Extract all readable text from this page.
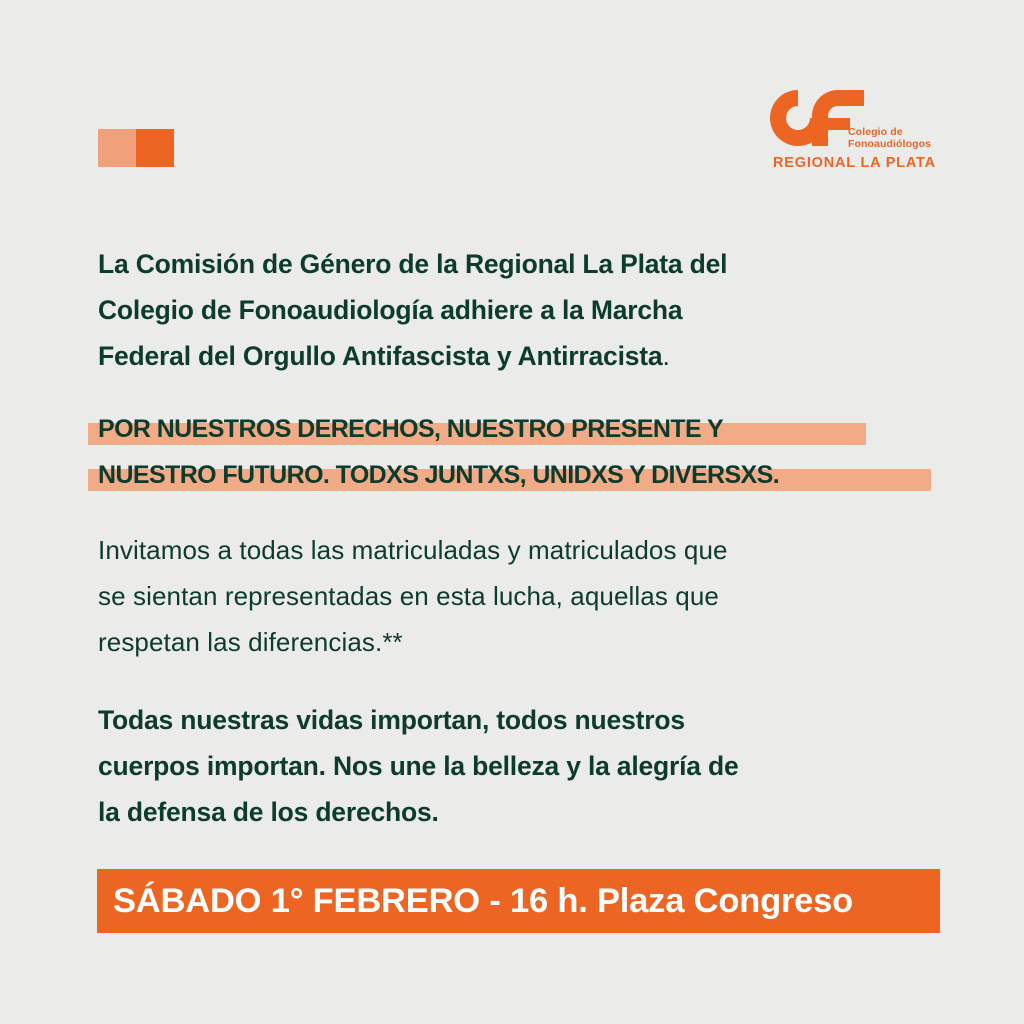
Colegio de
Fonoaudiólogos
REGIONAL LA PLATA

La Comisión de Género de la Regional La Plata del
Colegio de Fonoaudiología adhiere a la Marcha
Federal del Orgullo Antifascista y Antirracista.

POR NUESTROS DERECHOS, NUESTRO PRESENTE Y
NUESTRO FUTURO. TODXS JUNTXS, UNIDXS Y DIVERSXS.

Invitamos a todas las matriculadas y matriculados que
se sientan representadas en esta lucha, aquellas que
respetan las diferencias.**

Todas nuestras vidas importan, todos nuestros
cuerpos importan. Nos une la belleza y la alegría de
la defensa de los derechos.

SÁBADO 1° FEBRERO - 16 h. Plaza Congreso
